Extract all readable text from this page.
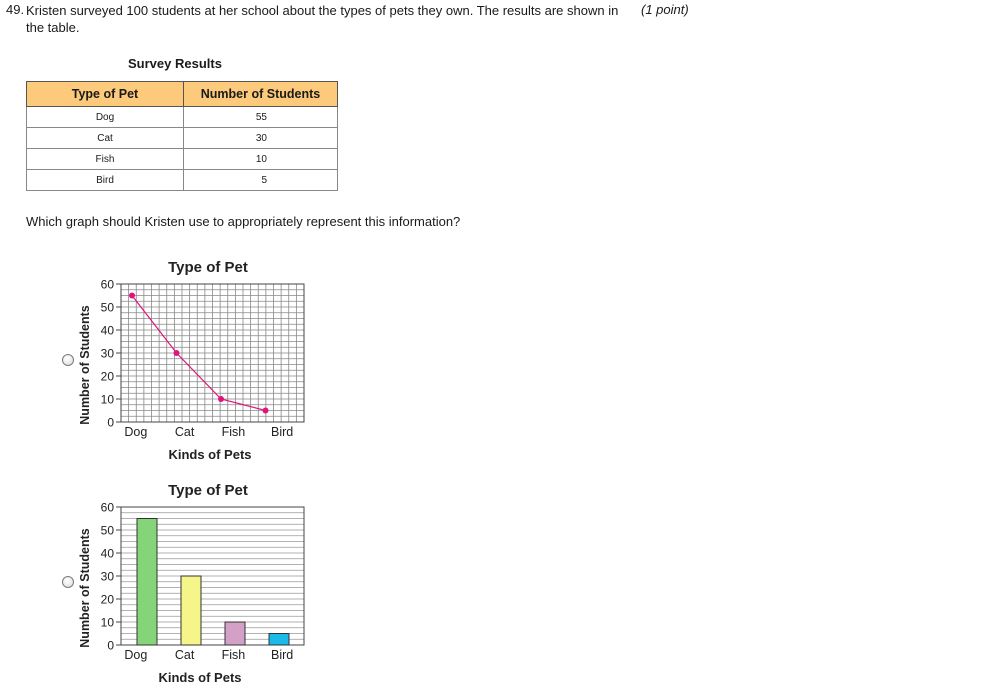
49. Kristen surveyed 100 students at her school about the types of pets they own. The results are shown in the table.
(1 point)
Survey Results
Type of Pet	Number of Students
Dog	55
Cat	30
Fish	10
Bird	5
Which graph should Kristen use to appropriately represent this information?
Type of Pet
0
10
20
30
40
50
60
Number of Students
Dog Cat Fish Bird
Kinds of Pets
Type of Pet
0
10
20
30
40
50
60
Number of Students
Dog Cat Fish Bird
Kinds of Pets
